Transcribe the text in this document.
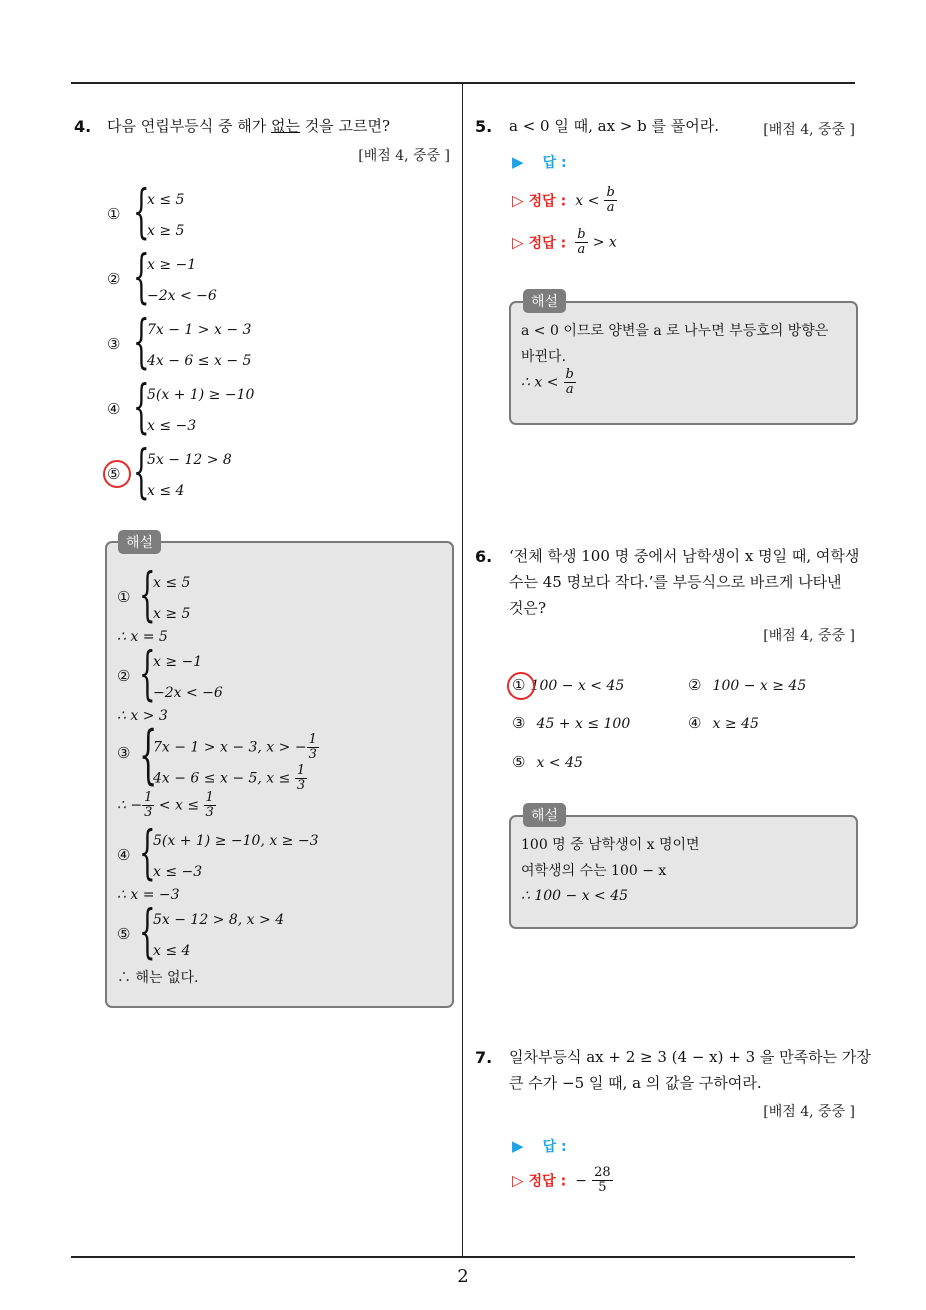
2
4. 다음 연립부등식 중 해가 없는 것을 고르면?
[배점 4, 중중 ]
① {
x ≤ 5
x ≥ 5
② {
x ≥ −1
−2x < −6
③ {
7x − 1 > x − 3
4x − 6 ≤ x − 5
④ {
5(x + 1) ≥ −10
x ≤ −3
⑤ {
5x − 12 > 8
x ≤ 4
해설
① {
x ≤ 5
x ≥ 5
∴ x = 5
② {
x ≥ −1
−2x < −6
∴ x > 3
③ {
7x − 1 > x − 3, x > − $\frac{1}{3}$
4x − 6 ≤ x − 5, $x \le \frac{1}{3}$
∴ − $\frac{1}{3} < x \le \frac{1}{3}$
④ {
5(x + 1) ≥ −10, x ≥ −3
x ≤ −3
∴ x = −3
⑤ {
5x − 12 > 8, x > 4
x ≤ 4
∴ 해는 없다.
5. a < 0 일 때, ax > b 를 풀어라.	[배점 4, 중중 ]
▶ 답 :
▷ 정답 : $x < \frac{b}{a}$
▷ 정답 : $\frac{b}{a} > x$
해설
a < 0 이므로 양변을 a 로 나누면 부등호의 방향은
바뀐다.
∴ $x < \frac{b}{a}$
6. ‘전체 학생 100 명 중에서 남학생이 x 명일 때, 여학생
수는 45 명보다 작다.’를 부등식으로 바르게 나타낸
것은?
[배점 4, 중중 ]
① 100 − x < 45	② 100 − x ≥ 45
③ 45 + x ≤ 100	④ x ≥ 45
⑤ x < 45
해설
100 명 중 남학생이 x 명이면
여학생의 수는 100 − x
∴ 100 − x < 45
7. 일차부등식 ax + 2 ≥ 3 (4 − x) + 3 을 만족하는 가장
큰 수가 −5 일 때, a 의 값을 구하여라.
[배점 4, 중중 ]
▶ 답 :
▷ 정답 : − $\frac{28}{5}$
